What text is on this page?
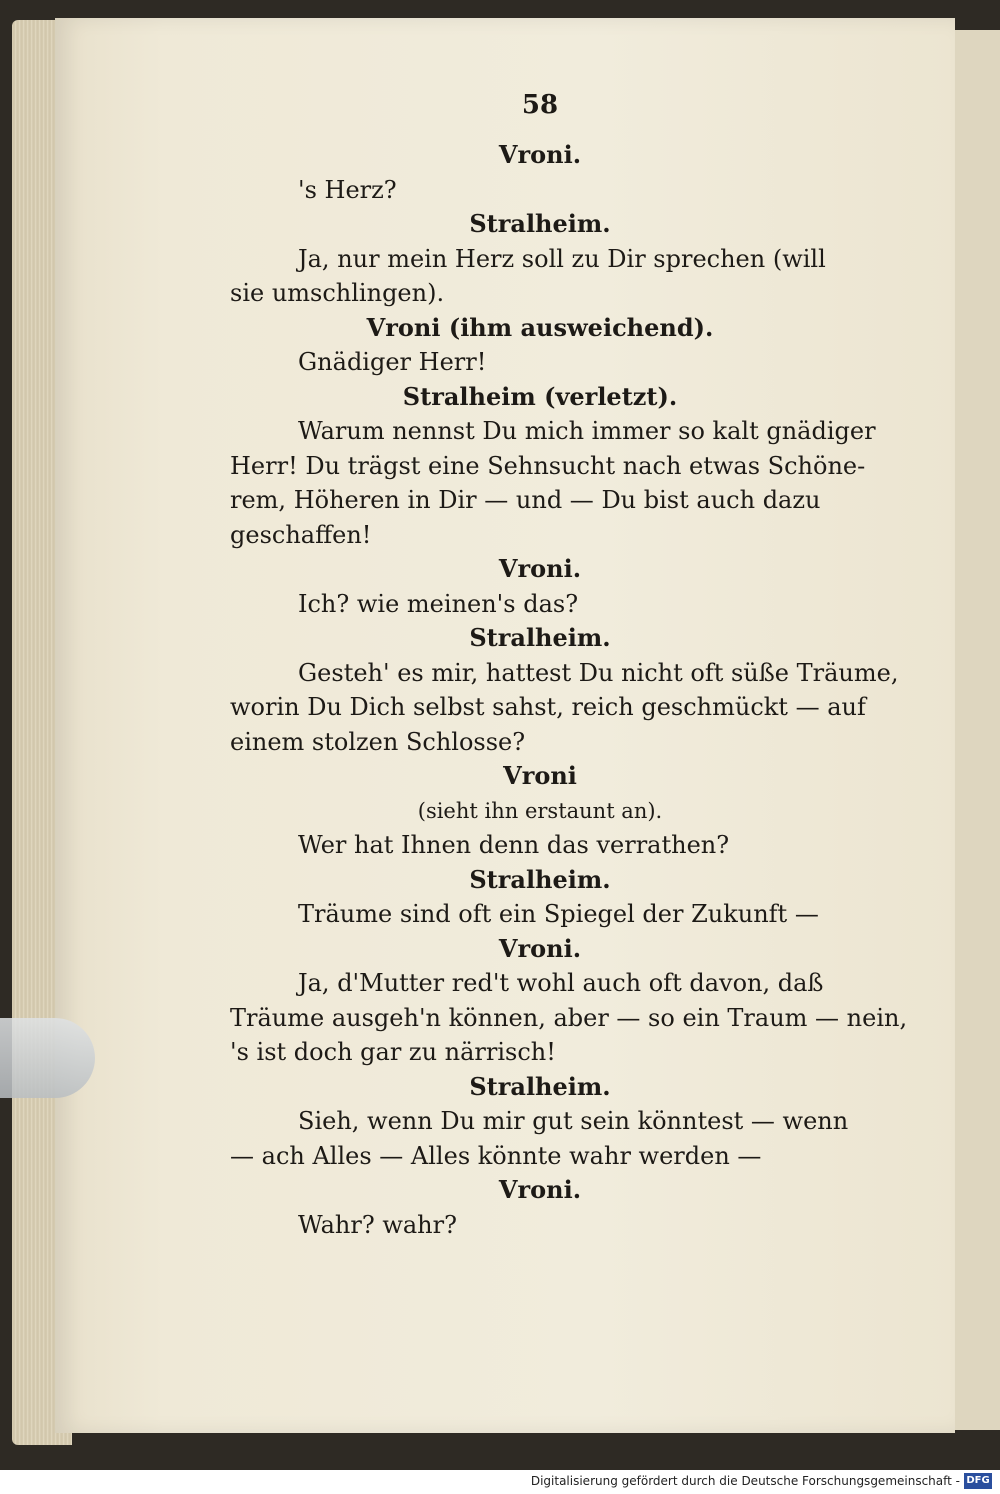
58
Vroni.
's Herz?
Stralheim.
Ja, nur mein Herz soll zu Dir sprechen (will
sie umschlingen).
Vroni (ihm ausweichend).
Gnädiger Herr!
Stralheim (verletzt).
Warum nennst Du mich immer so kalt gnädiger
Herr! Du trägst eine Sehnsucht nach etwas Schöne-
rem, Höheren in Dir — und — Du bist auch dazu
geschaffen!
Vroni.
Ich? wie meinen's das?
Stralheim.
Gesteh' es mir, hattest Du nicht oft süße Träume,
worin Du Dich selbst sahst, reich geschmückt — auf
einem stolzen Schlosse?
Vroni
(sieht ihn erstaunt an).
Wer hat Ihnen denn das verrathen?
Stralheim.
Träume sind oft ein Spiegel der Zukunft —
Vroni.
Ja, d'Mutter red't wohl auch oft davon, daß
Träume ausgeh'n können, aber — so ein Traum — nein,
's ist doch gar zu närrisch!
Stralheim.
Sieh, wenn Du mir gut sein könntest — wenn
— ach Alles — Alles könnte wahr werden —
Vroni.
Wahr? wahr?
Digitalisierung gefördert durch die Deutsche Forschungsgemeinschaft - DFG
